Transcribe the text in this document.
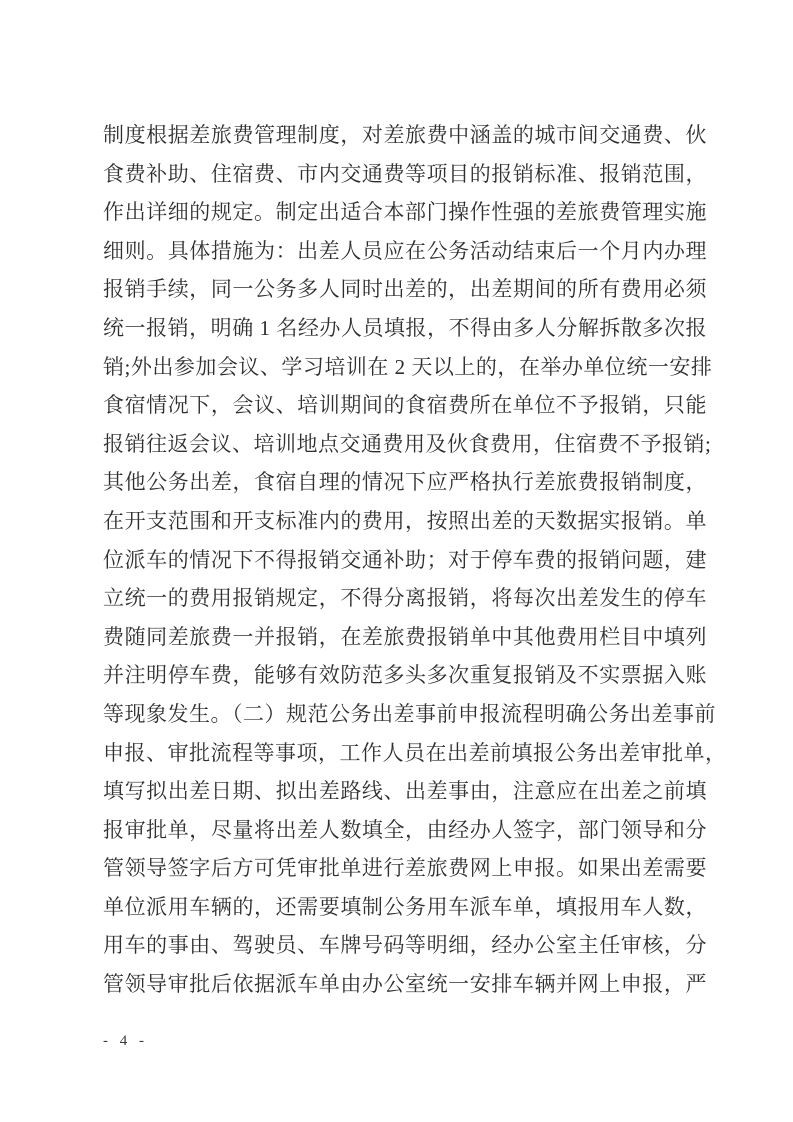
制度根据差旅费管理制度，对差旅费中涵盖的城市间交通费、伙
食费补助、住宿费、市内交通费等项目的报销标准、报销范围，
作出详细的规定。制定出适合本部门操作性强的差旅费管理实施
细则。具体措施为：出差人员应在公务活动结束后一个月内办理
报销手续，同一公务多人同时出差的，出差期间的所有费用必须
统一报销，明确 1 名经办人员填报，不得由多人分解拆散多次报
销;外出参加会议、学习培训在 2 天以上的，在举办单位统一安排
食宿情况下，会议、培训期间的食宿费所在单位不予报销，只能
报销往返会议、培训地点交通费用及伙食费用，住宿费不予报销;
其他公务出差，食宿自理的情况下应严格执行差旅费报销制度，
在开支范围和开支标准内的费用，按照出差的天数据实报销。单
位派车的情况下不得报销交通补助；对于停车费的报销问题，建
立统一的费用报销规定，不得分离报销，将每次出差发生的停车
费随同差旅费一并报销，在差旅费报销单中其他费用栏目中填列
并注明停车费，能够有效防范多头多次重复报销及不实票据入账
等现象发生。（二）规范公务出差事前申报流程明确公务出差事前
申报、审批流程等事项，工作人员在出差前填报公务出差审批单，
填写拟出差日期、拟出差路线、出差事由，注意应在出差之前填
报审批单，尽量将出差人数填全，由经办人签字，部门领导和分
管领导签字后方可凭审批单进行差旅费网上申报。如果出差需要
单位派用车辆的，还需要填制公务用车派车单，填报用车人数，
用车的事由、驾驶员、车牌号码等明细，经办公室主任审核，分
管领导审批后依据派车单由办公室统一安排车辆并网上申报，严
- 4 -
